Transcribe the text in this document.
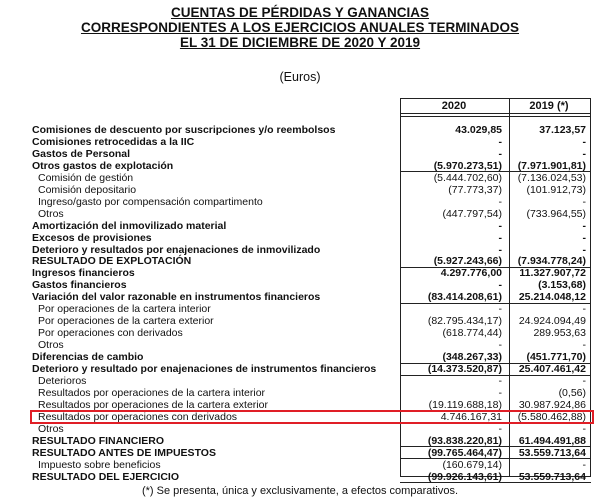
CUENTAS DE PÉRDIDAS Y GANANCIAS
CORRESPONDIENTES A LOS EJERCICIOS ANUALES TERMINADOS
EL 31 DE DICIEMBRE DE 2020 Y 2019
(Euros)
2020	2019 (*)
Comisiones de descuento por suscripciones y/o reembolsos	43.029,85	37.123,57
Comisiones retrocedidas a la IIC	-	-
Gastos de Personal	-	-
Otros gastos de explotación	(5.970.273,51)	(7.971.901,81)
Comisión de gestión	(5.444.702,60)	(7.136.024,53)
Comisión depositario	(77.773,37)	(101.912,73)
Ingreso/gasto por compensación compartimento	-	-
Otros	(447.797,54)	(733.964,55)
Amortización del inmovilizado material	-	-
Excesos de provisiones	-	-
Deterioro y resultados por enajenaciones de inmovilizado	-	-
RESULTADO DE EXPLOTACIÓN	(5.927.243,66)	(7.934.778,24)
Ingresos financieros	4.297.776,00	11.327.907,72
Gastos financieros	-	(3.153,68)
Variación del valor razonable en instrumentos financieros	(83.414.208,61)	25.214.048,12
Por operaciones de la cartera interior	-	-
Por operaciones de la cartera exterior	(82.795.434,17)	24.924.094,49
Por operaciones con derivados	(618.774,44)	289.953,63
Otros	-	-
Diferencias de cambio	(348.267,33)	(451.771,70)
Deterioro y resultado por enajenaciones de instrumentos financieros	(14.373.520,87)	25.407.461,42
Deterioros	-	-
Resultados por operaciones de la cartera interior	-	(0,56)
Resultados por operaciones de la cartera exterior	(19.119.688,18)	30.987.924,86
Resultados por operaciones con derivados	4.746.167,31	(5.580.462,88)
Otros	-	-
RESULTADO FINANCIERO	(93.838.220,81)	61.494.491,88
RESULTADO ANTES DE IMPUESTOS	(99.765.464,47)	53.559.713,64
Impuesto sobre beneficios	(160.679,14)	-
RESULTADO DEL EJERCICIO	(99.926.143,61)	53.559.713,64
(*) Se presenta, única y exclusivamente, a efectos comparativos.
